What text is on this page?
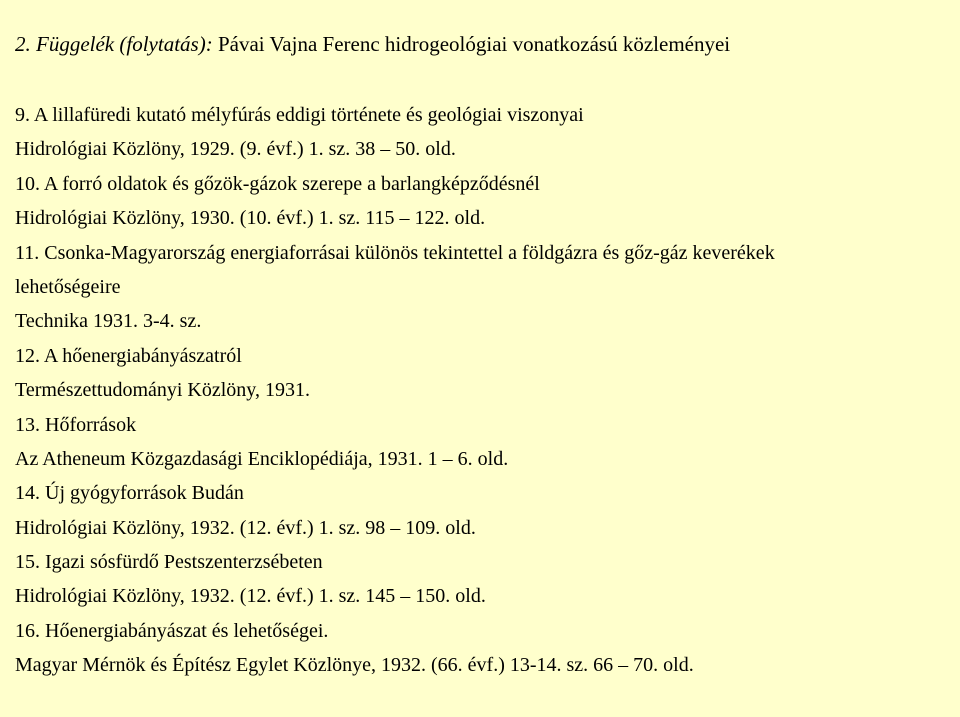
2. Függelék (folytatás): Pávai Vajna Ferenc hidrogeológiai vonatkozású közleményei
9. A lillafüredi kutató mélyfúrás eddigi története és geológiai viszonyai
Hidrológiai Közlöny, 1929. (9. évf.) 1. sz. 38 – 50. old.
10. A forró oldatok és gőzök-gázok szerepe a barlangképződésnél
Hidrológiai Közlöny, 1930. (10. évf.) 1. sz. 115 – 122. old.
11. Csonka-Magyarország energiaforrásai különös tekintettel a földgázra és gőz-gáz keverékek
lehetőségeire
Technika 1931. 3-4. sz.
12. A hőenergiabányászatról
Természettudományi Közlöny, 1931.
13. Hőforrások
Az Atheneum Közgazdasági Enciklopédiája, 1931. 1 – 6. old.
14. Új gyógyforrások Budán
Hidrológiai Közlöny, 1932. (12. évf.) 1. sz. 98 – 109. old.
15. Igazi sósfürdő Pestszenterzsébeten
Hidrológiai Közlöny, 1932. (12. évf.) 1. sz. 145 – 150. old.
16. Hőenergiabányászat és lehetőségei.
Magyar Mérnök és Építész Egylet Közlönye, 1932. (66. évf.) 13-14. sz. 66 – 70. old.
